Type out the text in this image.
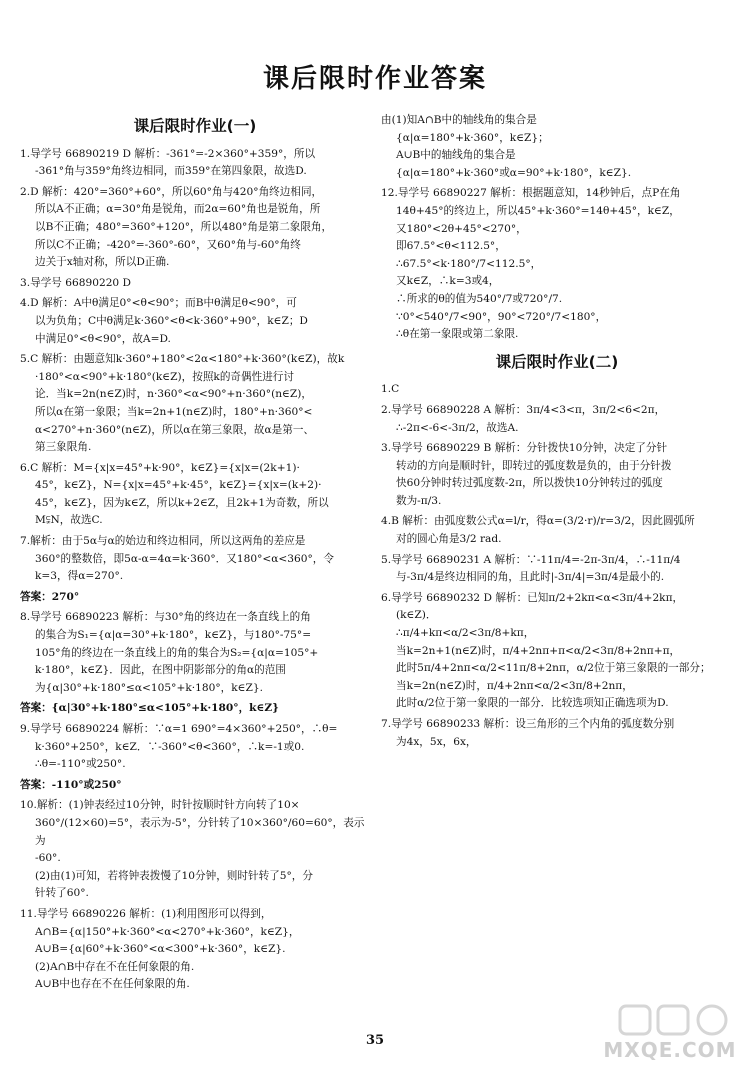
课后限时作业答案
课后限时作业(一)

1.导学号 66890219 D 解析：-361°=-2×360°+359°，所以

-361°角与359°角终边相同，而359°在第四象限，故选D.

2.D 解析：420°=360°+60°，所以60°角与420°角终边相同，

所以A不正确；α=30°角是锐角，而2α=60°角也是锐角，所

以B不正确；480°=360°+120°，所以480°角是第二象限角，

所以C不正确；-420°=-360°-60°，又60°角与-60°角终

边关于x轴对称，所以D正确.

3.导学号 66890220 D

4.D 解析：A中θ满足0°<θ<90°；而B中θ满足θ<90°，可

以为负角；C中θ满足k·360°<θ<k·360°+90°，k∈Z；D

中满足0°<θ<90°，故A=D.

5.C 解析：由题意知k·360°+180°<2α<180°+k·360°(k∈Z)，故k

·180°<α<90°+k·180°(k∈Z)，按照k的奇偶性进行讨

论．当k=2n(n∈Z)时，n·360°<α<90°+n·360°(n∈Z)，

所以α在第一象限；当k=2n+1(n∈Z)时，180°+n·360°<

α<270°+n·360°(n∈Z)，所以α在第三象限，故α是第一、

第三象限角.

6.C 解析：M={x|x=45°+k·90°，k∈Z}={x|x=(2k+1)·

45°，k∈Z}，N={x|x=45°+k·45°，k∈Z}={x|x=(k+2)·

45°，k∈Z}，因为k∈Z，所以k+2∈Z，且2k+1为奇数，所以

M⫋N，故选C.

7.解析：由于5α与α的始边和终边相同，所以这两角的差应是

360°的整数倍，即5α-α=4α=k·360°．又180°<α<360°，令

k=3，得α=270°.

答案：270°

8.导学号 66890223 解析：与30°角的终边在一条直线上的角

的集合为S₁={α|α=30°+k·180°，k∈Z}，与180°-75°=

105°角的终边在一条直线上的角的集合为S₂={α|α=105°+

k·180°，k∈Z}．因此，在图中阴影部分的角α的范围

为{α|30°+k·180°≤α<105°+k·180°，k∈Z}.

答案：{α|30°+k·180°≤α<105°+k·180°，k∈Z}

9.导学号 66890224 解析：∵α=1 690°=4×360°+250°，∴θ=

k·360°+250°，k∈Z．∵-360°<θ<360°，∴k=-1或0.

∴θ=-110°或250°.

答案：-110°或250°

10.解析：(1)钟表经过10分钟，时针按顺时针方向转了10×

360°/(12×60)=5°，表示为-5°，分针转了10×360°/60=60°，表示为

-60°.

(2)由(1)可知，若将钟表拨慢了10分钟，则时针转了5°，分

针转了60°.

11.导学号 66890226 解析：(1)利用图形可以得到，

A∩B={α|150°+k·360°<α<270°+k·360°，k∈Z}，

A∪B={α|60°+k·360°<α<300°+k·360°，k∈Z}.

(2)A∩B中存在不在任何象限的角.

A∪B中也存在不在任何象限的角.

由(1)知A∩B中的轴线角的集合是

{α|α=180°+k·360°，k∈Z}；

A∪B中的轴线角的集合是

{α|α=180°+k·360°或α=90°+k·180°，k∈Z}.

12.导学号 66890227 解析：根据题意知，14秒钟后，点P在角

14θ+45°的终边上，所以45°+k·360°=14θ+45°，k∈Z，

又180°<2θ+45°<270°，

即67.5°<θ<112.5°，

∴67.5°<k·180°/7<112.5°，

又k∈Z，∴k=3或4，

∴所求的θ的值为540°/7或720°/7.

∵0°<540°/7<90°，90°<720°/7<180°，

∴θ在第一象限或第二象限.

课后限时作业(二)

1.C

2.导学号 66890228 A 解析：3π/4<3<π，3π/2<6<2π，

∴-2π<-6<-3π/2，故选A.

3.导学号 66890229 B 解析：分针拨快10分钟，决定了分针

转动的方向是顺时针，即转过的弧度数是负的，由于分针拨

快60分钟时转过弧度数-2π，所以拨快10分钟转过的弧度

数为-π/3.

4.B 解析：由弧度数公式α=l/r，得α=(3/2·r)/r=3/2，因此圆弧所

对的圆心角是3/2 rad.

5.导学号 66890231 A 解析：∵-11π/4=-2π-3π/4，∴-11π/4

与-3π/4是终边相同的角，且此时|-3π/4|=3π/4是最小的.

6.导学号 66890232 D 解析：已知π/2+2kπ<α<3π/4+2kπ，

(k∈Z)．

∴π/4+kπ<α/2<3π/8+kπ，

当k=2n+1(n∈Z)时，π/4+2nπ+π<α/2<3π/8+2nπ+π，

此时5π/4+2nπ<α/2<11π/8+2nπ，α/2位于第三象限的一部分；

当k=2n(n∈Z)时，π/4+2nπ<α/2<3π/8+2nπ，

此时α/2位于第一象限的一部分．比较选项知正确选项为D.

7.导学号 66890233 解析：设三角形的三个内角的弧度数分别

为4x，5x，6x，

35	MXQE.COM
